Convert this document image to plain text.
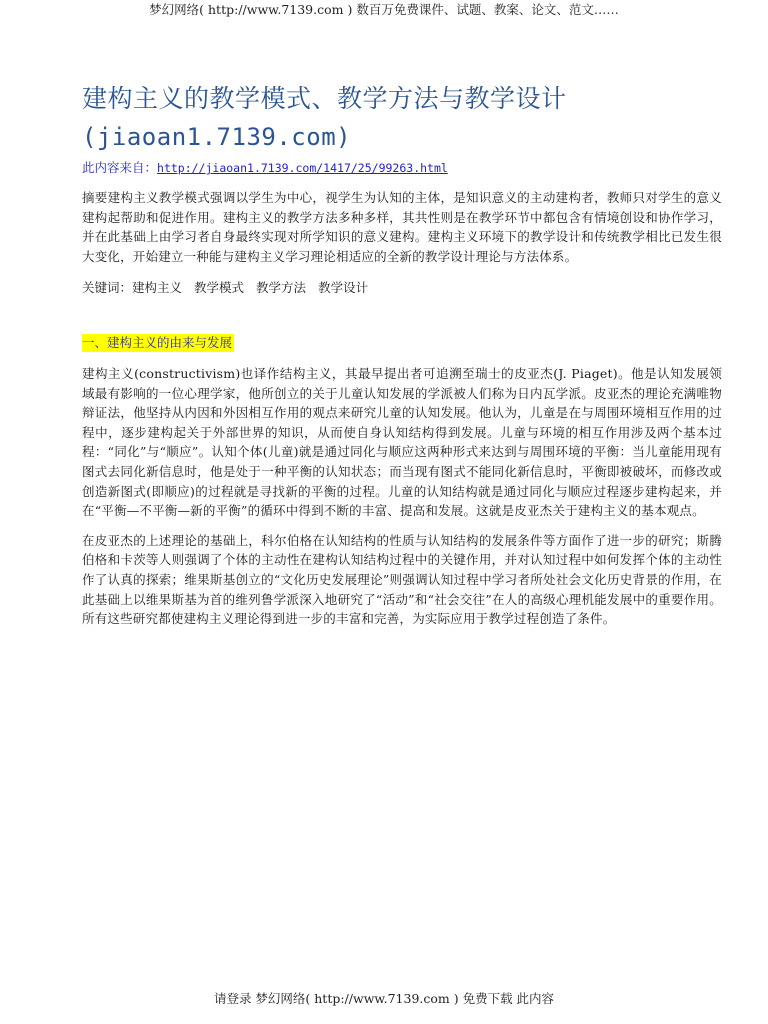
梦幻网络( http://www.7139.com ) 数百万免费课件、试题、教案、论文、范文……
建构主义的教学模式、教学方法与教学设计
(jiaoan1.7139.com)
此内容来自：http://jiaoan1.7139.com/1417/25/99263.html

摘要建构主义教学模式强调以学生为中心，视学生为认知的主体，是知识意义的主动建构者，教师只对学生的意义建构起帮助和促进作用。建构主义的教学方法多种多样，其共性则是在教学环节中都包含有情境创设和协作学习，并在此基础上由学习者自身最终实现对所学知识的意义建构。建构主义环境下的教学设计和传统教学相比已发生很大变化，开始建立一种能与建构主义学习理论相适应的全新的教学设计理论与方法体系。

关键词：建构主义 教学模式 教学方法 教学设计
一、建构主义的由来与发展

建构主义(constructivism)也译作结构主义，其最早提出者可追溯至瑞士的皮亚杰(J. Piaget)。他是认知发展领域最有影响的一位心理学家，他所创立的关于儿童认知发展的学派被人们称为日内瓦学派。皮亚杰的理论充满唯物辩证法，他坚持从内因和外因相互作用的观点来研究儿童的认知发展。他认为，儿童是在与周围环境相互作用的过程中，逐步建构起关于外部世界的知识，从而使自身认知结构得到发展。儿童与环境的相互作用涉及两个基本过程：“同化”与“顺应”。认知个体(儿童)就是通过同化与顺应这两种形式来达到与周围环境的平衡：当儿童能用现有图式去同化新信息时，他是处于一种平衡的认知状态；而当现有图式不能同化新信息时，平衡即被破坏，而修改或创造新图式(即顺应)的过程就是寻找新的平衡的过程。儿童的认知结构就是通过同化与顺应过程逐步建构起来，并在“平衡—不平衡—新的平衡”的循环中得到不断的丰富、提高和发展。这就是皮亚杰关于建构主义的基本观点。

在皮亚杰的上述理论的基础上，科尔伯格在认知结构的性质与认知结构的发展条件等方面作了进一步的研究；斯腾伯格和卡茨等人则强调了个体的主动性在建构认知结构过程中的关键作用，并对认知过程中如何发挥个体的主动性作了认真的探索；维果斯基创立的“文化历史发展理论”则强调认知过程中学习者所处社会文化历史背景的作用，在此基础上以维果斯基为首的维列鲁学派深入地研究了“活动”和“社会交往”在人的高级心理机能发展中的重要作用。所有这些研究都使建构主义理论得到进一步的丰富和完善，为实际应用于教学过程创造了条件。

请登录 梦幻网络( http://www.7139.com ) 免费下载 此内容
